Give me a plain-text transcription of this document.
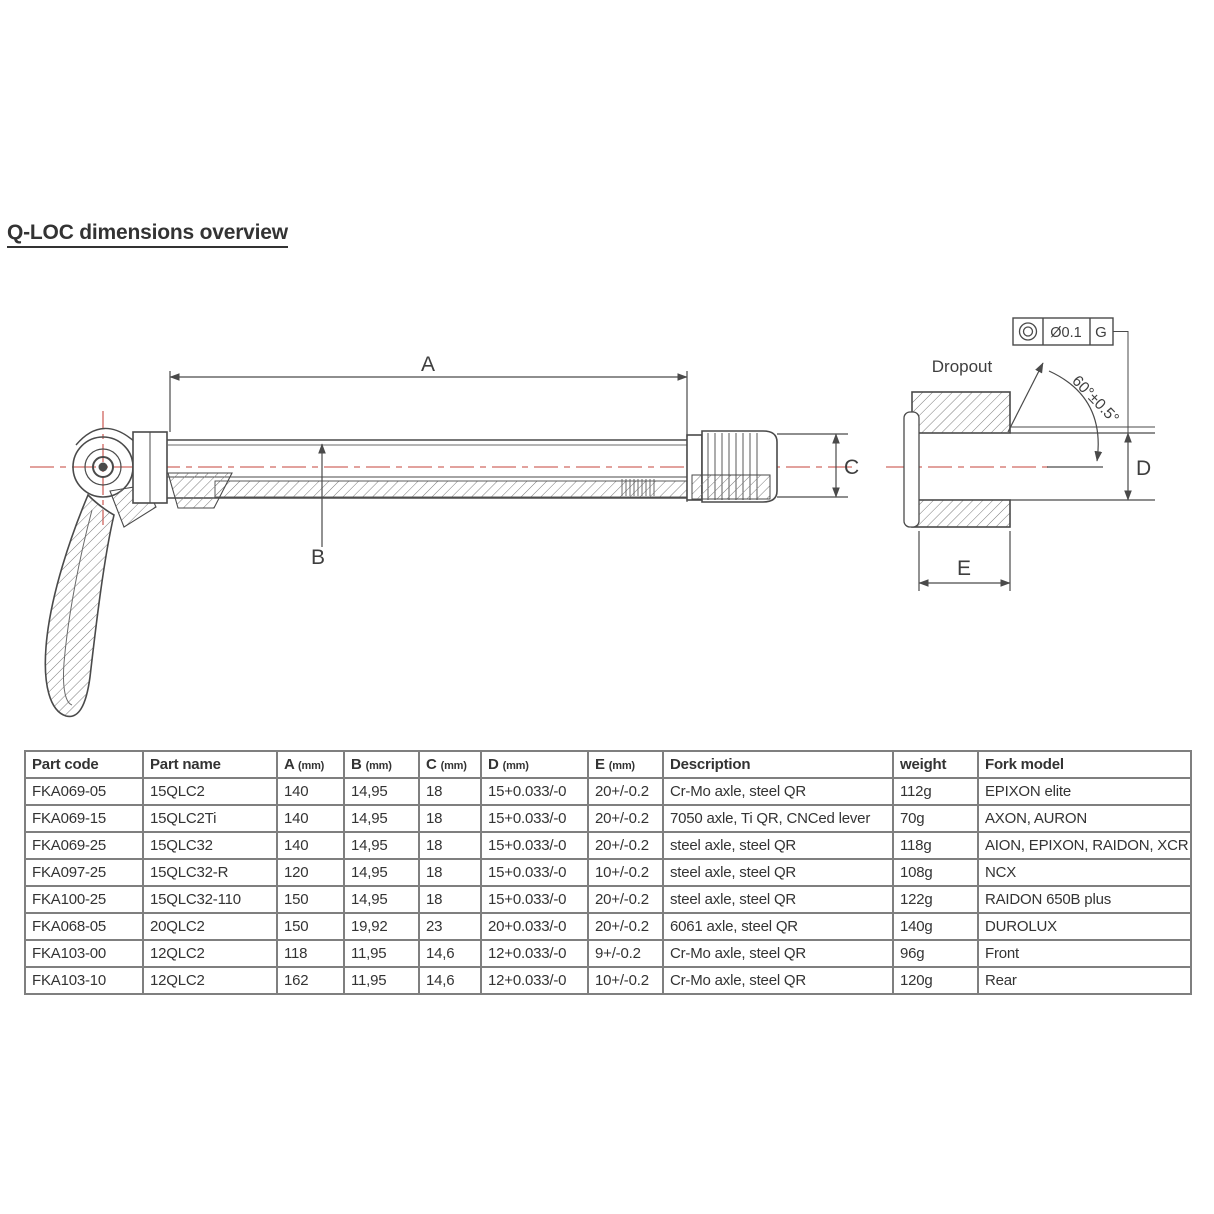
Q-LOC dimensions overview
A
B
C
Dropout
Ø0.1 G
60°±0.5°
D
E
Part code	Part name	A (mm)	B (mm)	C (mm)	D (mm)	E (mm)	Description	weight	Fork model
FKA069-05	15QLC2	140	14,95	18	15+0.033/-0	20+/-0.2	Cr-Mo axle, steel QR	112g	EPIXON elite
FKA069-15	15QLC2Ti	140	14,95	18	15+0.033/-0	20+/-0.2	7050 axle, Ti QR, CNCed lever	70g	AXON, AURON
FKA069-25	15QLC32	140	14,95	18	15+0.033/-0	20+/-0.2	steel axle, steel QR	118g	AION, EPIXON, RAIDON, XCR
FKA097-25	15QLC32-R	120	14,95	18	15+0.033/-0	10+/-0.2	steel axle, steel QR	108g	NCX
FKA100-25	15QLC32-110	150	14,95	18	15+0.033/-0	20+/-0.2	steel axle, steel QR	122g	RAIDON 650B plus
FKA068-05	20QLC2	150	19,92	23	20+0.033/-0	20+/-0.2	6061 axle, steel QR	140g	DUROLUX
FKA103-00	12QLC2	118	11,95	14,6	12+0.033/-0	9+/-0.2	Cr-Mo axle, steel QR	96g	Front
FKA103-10	12QLC2	162	11,95	14,6	12+0.033/-0	10+/-0.2	Cr-Mo axle, steel QR	120g	Rear
